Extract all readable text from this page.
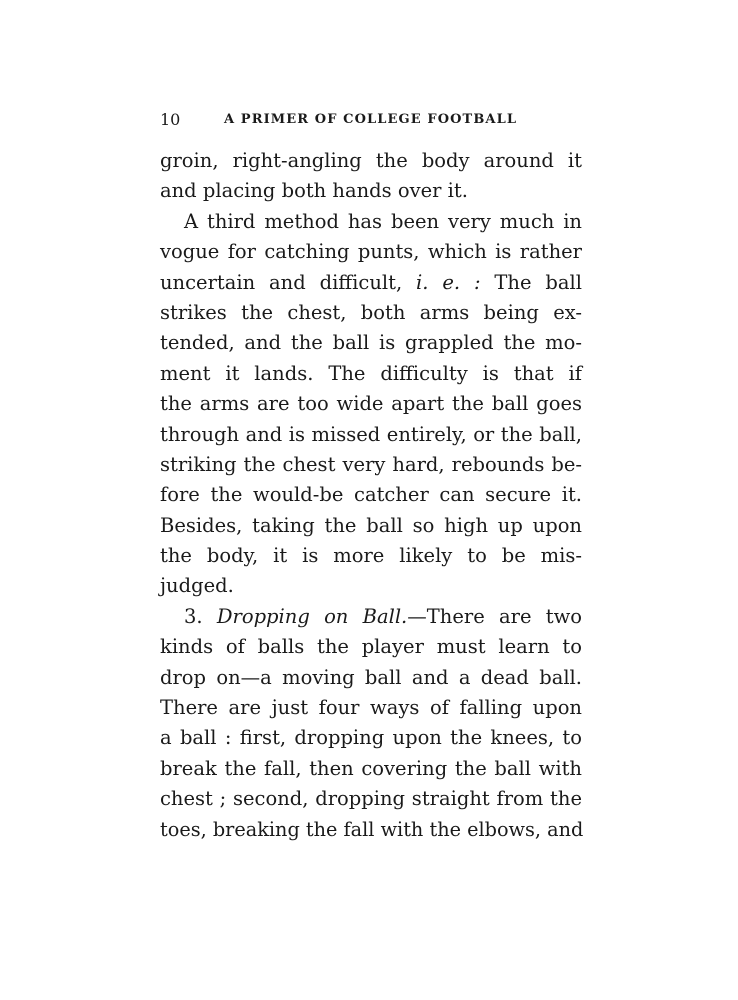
10	A PRIMER OF COLLEGE FOOTBALL
groin, right-angling the body around it
and placing both hands over it.
A third method has been very much in
vogue for catching punts, which is rather
uncertain and difficult, i. e. : The ball
strikes the chest, both arms being ex-
tended, and the ball is grappled the mo-
ment it lands. The difficulty is that if
the arms are too wide apart the ball goes
through and is missed entirely, or the ball,
striking the chest very hard, rebounds be-
fore the would-be catcher can secure it.
Besides, taking the ball so high up upon
the body, it is more likely to be mis-
judged.
3. Dropping on Ball.—There are two
kinds of balls the player must learn to
drop on—a moving ball and a dead ball.
There are just four ways of falling upon
a ball : first, dropping upon the knees, to
break the fall, then covering the ball with
chest ; second, dropping straight from the
toes, breaking the fall with the elbows, and
